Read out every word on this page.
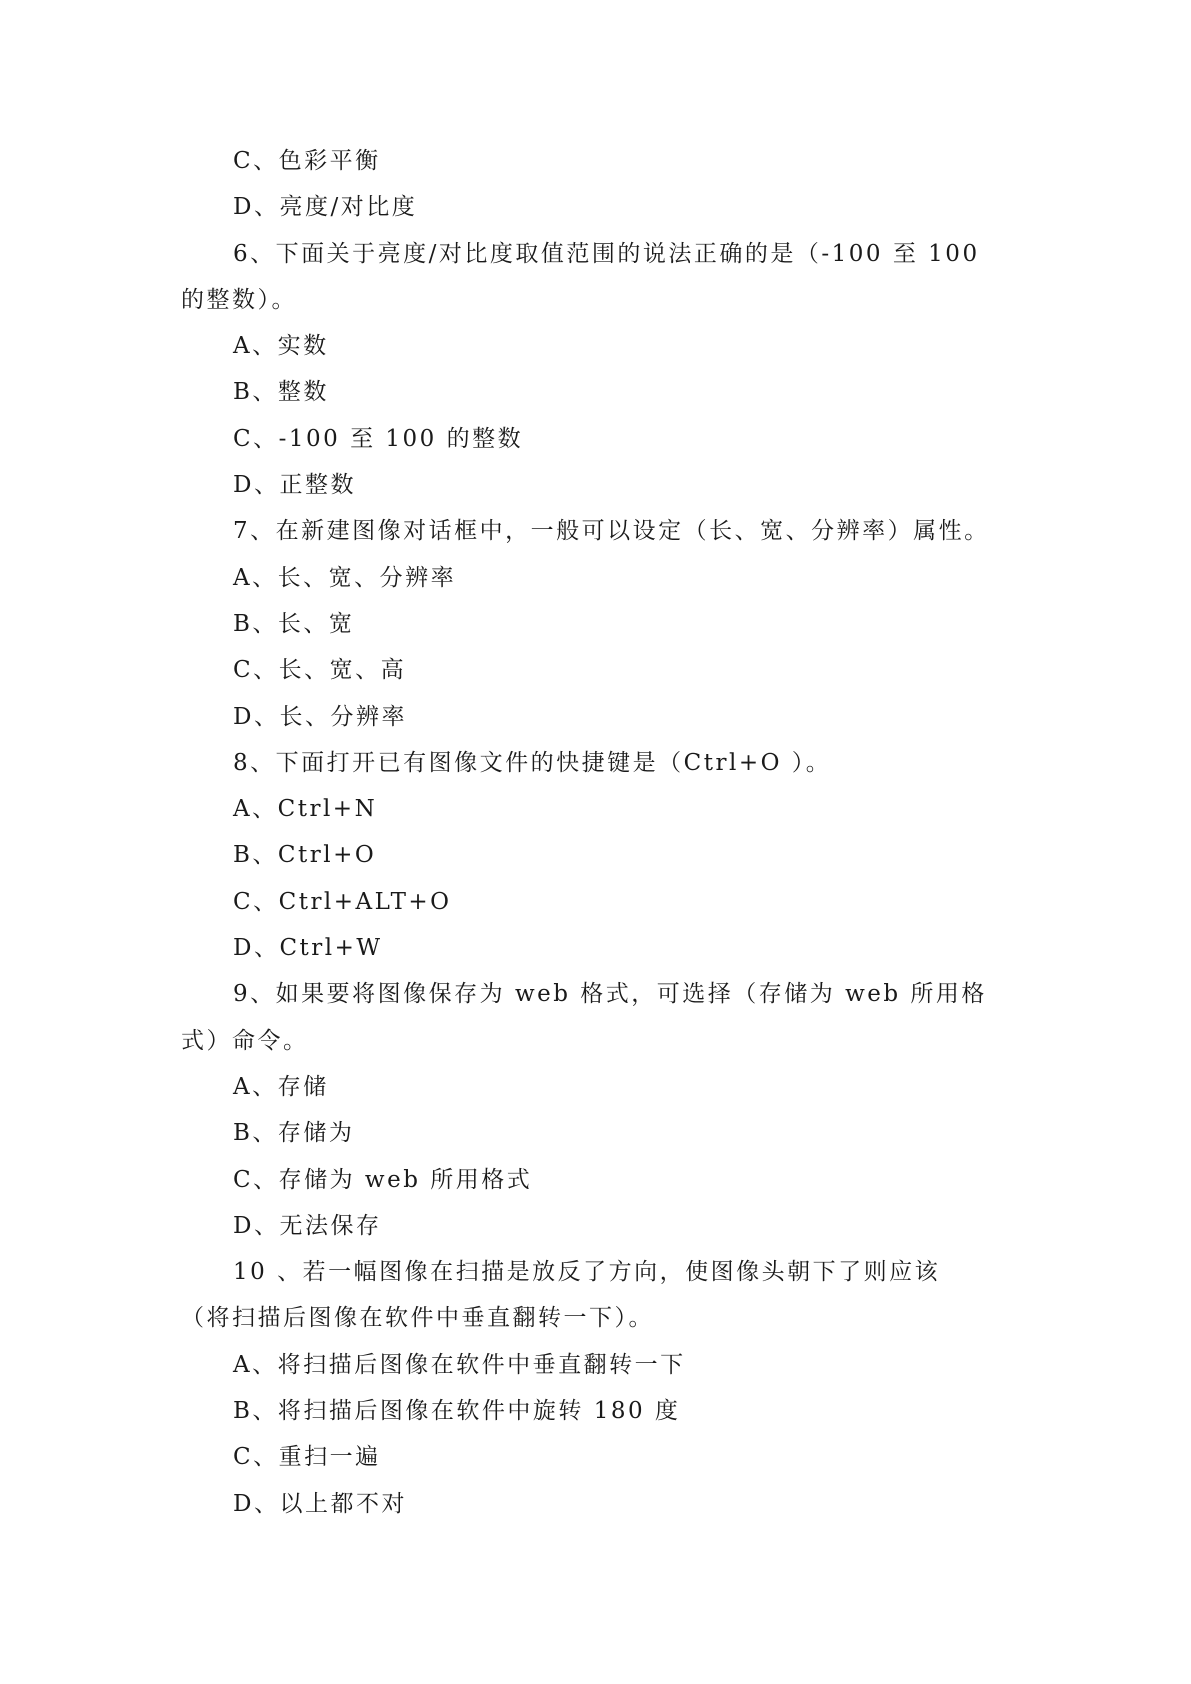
C、色彩平衡
D、亮度/对比度
6、下面关于亮度/对比度取值范围的说法正确的是（-100 至 100
的整数）。
A、实数
B、整数
C、-100 至 100 的整数
D、正整数
7、在新建图像对话框中，一般可以设定（长、宽、分辨率）属性。
A、长、宽、分辨率
B、长、宽
C、长、宽、高
D、长、分辨率
8、下面打开已有图像文件的快捷键是（Ctrl+O ）。
A、Ctrl+N
B、Ctrl+O
C、Ctrl+ALT+O
D、Ctrl+W
9、如果要将图像保存为 web 格式，可选择（存储为 web 所用格
式）命令。
A、存储
B、存储为
C、存储为 web 所用格式
D、无法保存
10 、若一幅图像在扫描是放反了方向，使图像头朝下了则应该
（将扫描后图像在软件中垂直翻转一下）。
A、将扫描后图像在软件中垂直翻转一下
B、将扫描后图像在软件中旋转 180 度
C、重扫一遍
D、以上都不对
